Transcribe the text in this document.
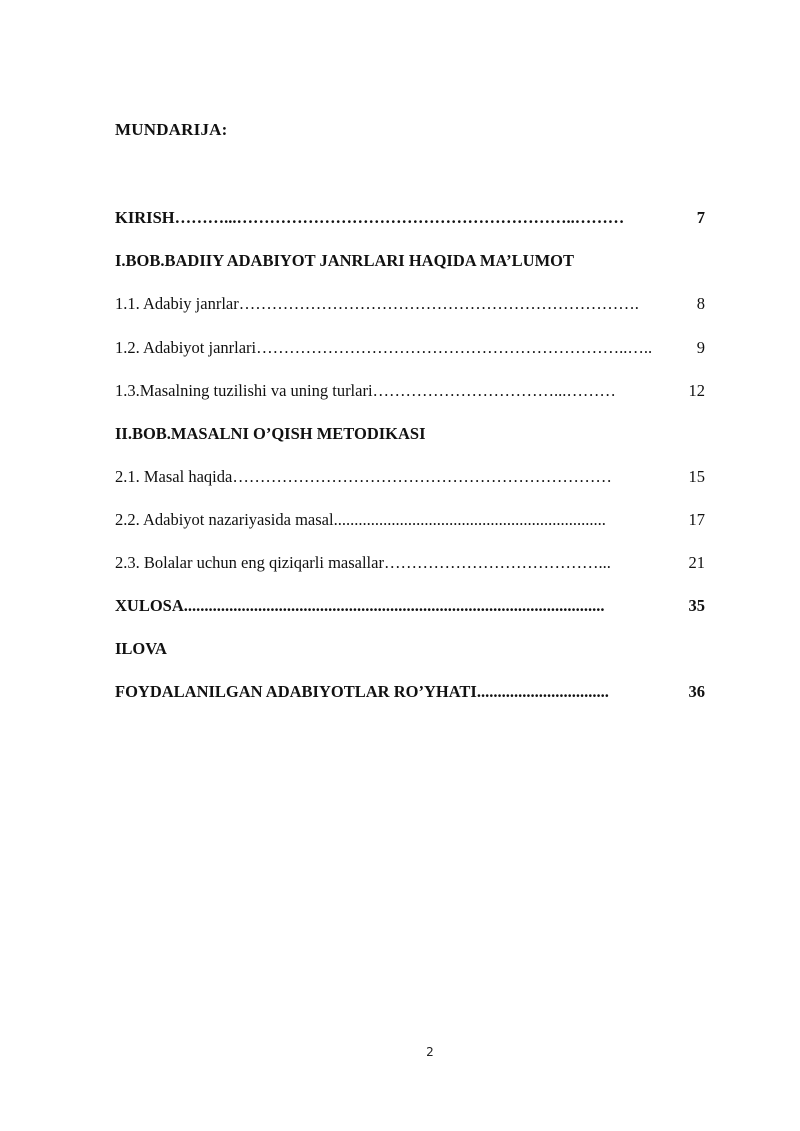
MUNDARIJA:
KIRISH ………...……………………………………………………..………	7
I.BOB.BADIIY ADABIYOT JANRLARI HAQIDA MA’LUMOT
1.1. Adabiy janrlar ……………………………………………………………….	8
1.2. Adabiyot janrlari …………………………………………………………..…..	9
1.3.Masalning tuzilishi va uning turlari ……………………………...………	12
II.BOB.MASALNI O’QISH METODIKASI
2.1. Masal haqida ……………………………………………………………	15
2.2. Adabiyot nazariyasida masal ..................................................................	17
2.3. Bolalar uchun eng qiziqarli masallar …………………………………...	21
XULOSA ......................................................................................................	35
ILOVA
FOYDALANILGAN ADABIYOTLAR RO’YHATI ................................	36
2
